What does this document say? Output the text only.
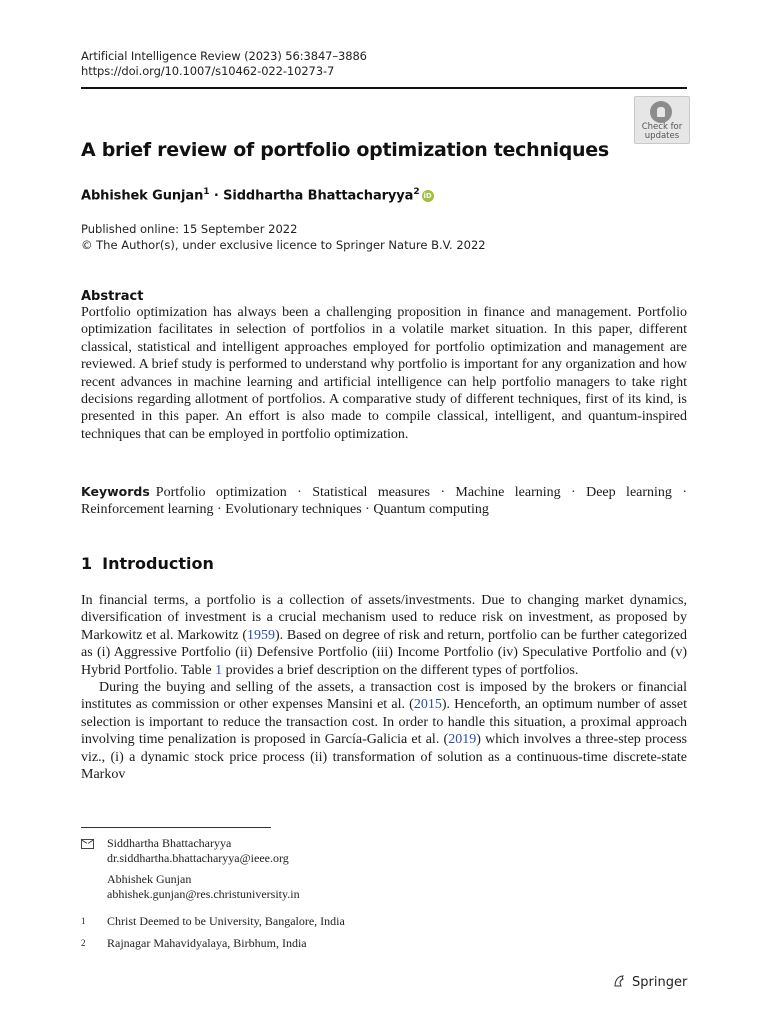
Artificial Intelligence Review (2023) 56:3847–3886
https://doi.org/10.1007/s10462-022-10273-7
Check for updates
A brief review of portfolio optimization techniques
Abhishek Gunjan$^1$ · Siddhartha Bhattacharyya$^2$ iD
Published online: 15 September 2022
© The Author(s), under exclusive licence to Springer Nature B.V. 2022
Abstract
Portfolio optimization has always been a challenging proposition in finance and management. Portfolio optimization facilitates in selection of portfolios in a volatile market situation. In this paper, different classical, statistical and intelligent approaches employed for portfolio optimization and management are reviewed. A brief study is performed to understand why portfolio is important for any organization and how recent advances in machine learning and artificial intelligence can help portfolio managers to take right decisions regarding allotment of portfolios. A comparative study of different techniques, first of its kind, is presented in this paper. An effort is also made to compile classical, intelligent, and quantum-inspired techniques that can be employed in portfolio optimization.
Keywords Portfolio optimization · Statistical measures · Machine learning · Deep learning · Reinforcement learning · Evolutionary techniques · Quantum computing
1 Introduction

In financial terms, a portfolio is a collection of assets/investments. Due to changing market dynamics, diversification of investment is a crucial mechanism used to reduce risk on investment, as proposed by Markowitz et al. Markowitz (1959). Based on degree of risk and return, portfolio can be further categorized as (i) Aggressive Portfolio (ii) Defensive Portfolio (iii) Income Portfolio (iv) Speculative Portfolio and (v) Hybrid Portfolio. Table 1 provides a brief description on the different types of portfolios.

During the buying and selling of the assets, a transaction cost is imposed by the brokers or financial institutes as commission or other expenses Mansini et al. (2015). Henceforth, an optimum number of asset selection is important to reduce the transaction cost. In order to handle this situation, a proximal approach involving time penalization is proposed in García-Galicia et al. (2019) which involves a three-step process viz., (i) a dynamic stock price process (ii) transformation of solution as a continuous-time discrete-state Markov

Siddhartha Bhattacharyya
dr.siddhartha.bhattacharyya@ieee.org
Abhishek Gunjan
abhishek.gunjan@res.christuniversity.in
1 Christ Deemed to be University, Bangalore, India
2 Rajnagar Mahavidyalaya, Birbhum, India
Springer
